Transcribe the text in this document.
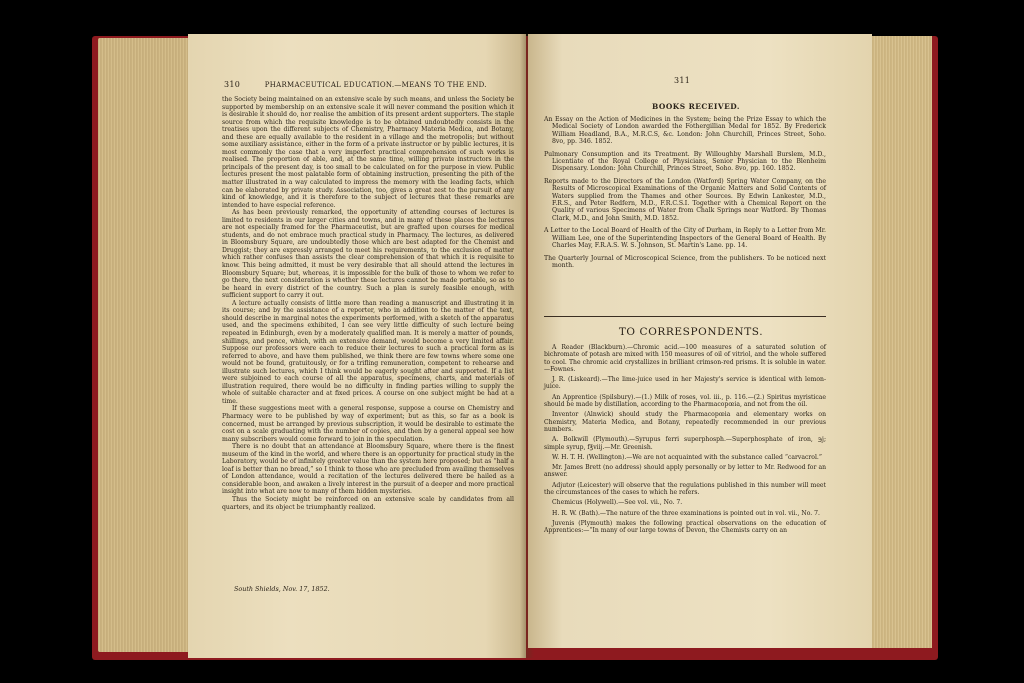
310	PHARMACEUTICAL EDUCATION.—MEANS TO THE END.

the Society being maintained on an extensive scale by such means, and unless the Society be supported by membership on an extensive scale it will never command the position which it is desirable it should do, nor realise the ambition of its present ardent supporters. The staple source from which the requisite knowledge is to be obtained undoubtedly consists in the treatises upon the different subjects of Chemistry, Pharmacy Materia Medica, and Botany, and these are equally available to the resident in a village and the metropolis; but without some auxiliary assistance, either in the form of a private instructor or by public lectures, it is most commonly the case that a very imperfect practical comprehension of such works is realised. The proportion of able, and, at the same time, willing private instructors in the principals of the present day, is too small to be calculated on for the purpose in view. Public lectures present the most palatable form of obtaining instruction, presenting the pith of the matter illustrated in a way calculated to impress the memory with the leading facts, which can be elaborated by private study. Association, too, gives a great zest to the pursuit of any kind of knowledge, and it is therefore to the subject of lectures that these remarks are intended to have especial reference.

As has been previously remarked, the opportunity of attending courses of lectures is limited to residents in our larger cities and towns, and in many of these places the lectures are not especially framed for the Pharmaceutist, but are grafted upon courses for medical students, and do not embrace much practical study in Pharmacy. The lectures, as delivered in Bloomsbury Square, are undoubtedly those which are best adapted for the Chemist and Druggist; they are expressly arranged to meet his requirements, to the exclusion of matter which rather confuses than assists the clear comprehension of that which it is requisite to know. This being admitted, it must be very desirable that all should attend the lectures in Bloomsbury Square; but, whereas, it is impossible for the bulk of those to whom we refer to go there, the next consideration is whether these lectures cannot be made portable, so as to be heard in every district of the country. Such a plan is surely feasible enough, with sufficient support to carry it out.

A lecture actually consists of little more than reading a manuscript and illustrating it in its course; and by the assistance of a reporter, who in addition to the matter of the text, should describe in marginal notes the experiments performed, with a sketch of the apparatus used, and the specimens exhibited, I can see very little difficulty of such lecture being repeated in Edinburgh, even by a moderately qualified man. It is merely a matter of pounds, shillings, and pence, which, with an extensive demand, would become a very limited affair. Suppose our professors were each to reduce their lectures to such a practical form as is referred to above, and have them published, we think there are few towns where some one would not be found, gratuitously, or for a trifling remuneration, competent to rehearse and illustrate such lectures, which I think would be eagerly sought after and supported. If a list were subjoined to each course of all the apparatus, specimens, charts, and materials of illustration required, there would be no difficulty in finding parties willing to supply the whole of suitable character and at fixed prices. A course on one subject might be had at a time.

If these suggestions meet with a general response, suppose a course on Chemistry and Pharmacy were to be published by way of experiment; but as this, so far as a book is concerned, must be arranged by previous subscription, it would be desirable to estimate the cost on a scale graduating with the number of copies, and then by a general appeal see how many subscribers would come forward to join in the speculation.

There is no doubt that an attendance at Bloomsbury Square, where there is the finest museum of the kind in the world, and where there is an opportunity for practical study in the Laboratory, would be of infinitely greater value than the system here proposed; but as “half a loaf is better than no bread,” so I think to those who are precluded from availing themselves of London attendance, would a recitation of the lectures delivered there be hailed as a considerable boon, and awaken a lively interest in the pursuit of a deeper and more practical insight into what are now to many of them hidden mysteries.

Thus the Society might be reinforced on an extensive scale by candidates from all quarters, and its object be triumphantly realized.

South Shields, Nov. 17, 1852.
311
BOOKS RECEIVED.

An Essay on the Action of Medicines in the System; being the Prize Essay to which the Medical Society of London awarded the Fothergillian Medal for 1852. By Frederick William Headland, B.A., M.R.C.S, &c. London: John Churchill, Princes Street, Soho. 8vo, pp. 346. 1852.

Pulmonary Consumption and its Treatment. By Willoughby Marshall Burslem, M.D., Licentiate of the Royal College of Physicians, Senior Physician to the Blenheim Dispensary. London: John Churchill, Princes Street, Soho. 8vo, pp. 160. 1852.

Reports made to the Directors of the London (Watford) Spring Water Company, on the Results of Microscopical Examinations of the Organic Matters and Solid Contents of Waters supplied from the Thames and other Sources. By Edwin Lankester, M.D., F.R.S., and Peter Redfern, M.D., F.R.C.S.I. Together with a Chemical Report on the Quality of various Specimens of Water from Chalk Springs near Watford. By Thomas Clark, M.D., and John Smith, M.D. 1852.

A Letter to the Local Board of Health of the City of Durham, in Reply to a Letter from Mr. William Lee, one of the Superintending Inspectors of the General Board of Health. By Charles May, F.R.A.S. W. S. Johnson, St. Martin's Lane. pp. 14.

The Quarterly Journal of Microscopical Science, from the publishers. To be noticed next month.

TO CORRESPONDENTS.

A Reader (Blackburn).—Chromic acid.—100 measures of a saturated solution of bichromate of potash are mixed with 150 measures of oil of vitriol, and the whole suffered to cool. The chromic acid crystallizes in brilliant crimson-red prisms. It is soluble in water.—Fownes.

J. R. (Liskeard).—The lime-juice used in her Majesty's service is identical with lemon-juice.

An Apprentice (Spilsbury).—(1.) Milk of roses, vol. iii., p. 116.—(2.) Spiritus myristicae should be made by distillation, according to the Pharmacopœia, and not from the oil.

Inventor (Alnwick) should study the Pharmacopœia and elementary works on Chemistry, Materia Medica, and Botany, repeatedly recommended in our previous numbers.

A. Bolkwill (Plymouth).—Syrupus ferri superphosph.—Superphosphate of iron, ℈j; simple syrup, f℥viij.—Mr. Greenish.

W. H. T. H. (Wellington).—We are not acquainted with the substance called “carvacrol.”

Mr. James Brett (no address) should apply personally or by letter to Mr. Redwood for an answer.

Adjutor (Leicester) will observe that the regulations published in this number will meet the circumstances of the cases to which he refers.

Chemicus (Holywell).—See vol. vii., No. 7.

H. R. W. (Bath).—The nature of the three examinations is pointed out in vol. vii., No. 7.

Juvenis (Plymouth) makes the following practical observations on the education of Apprentices:—“In many of our large towns of Devon, the Chemists carry on an
